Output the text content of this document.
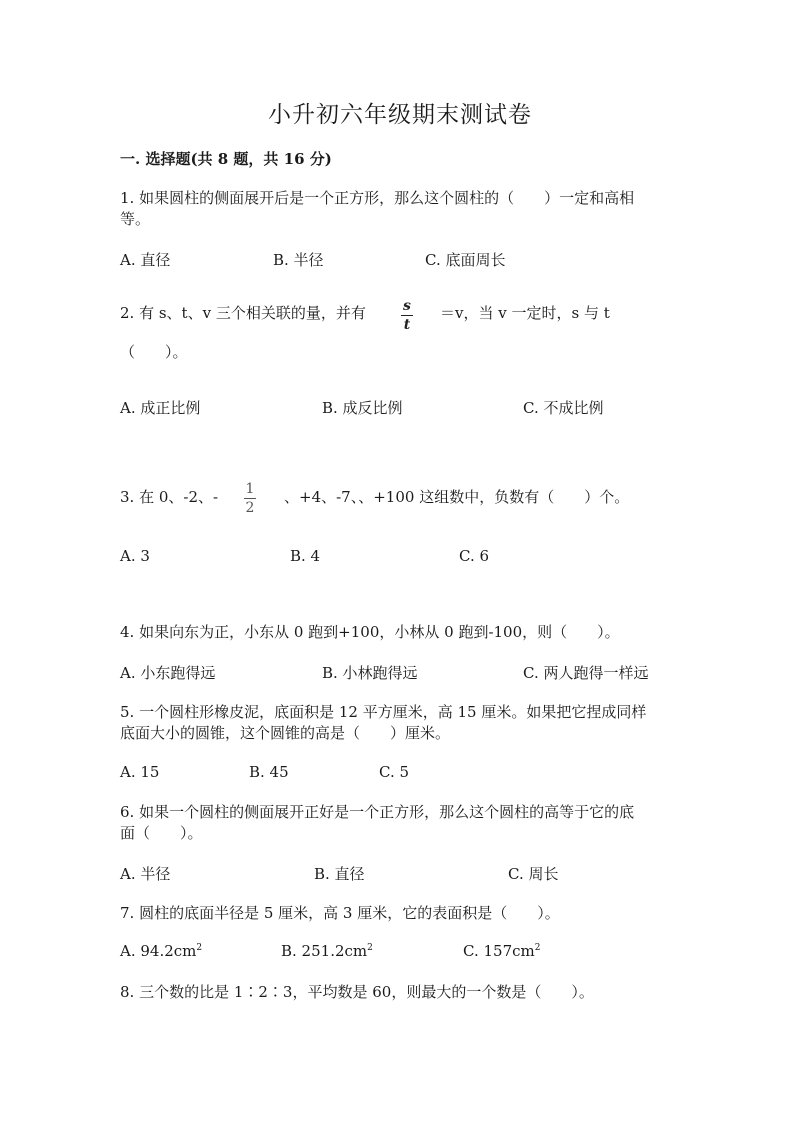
小升初六年级期末测试卷
一. 选择题(共 8 题，共 16 分)
1. 如果圆柱的侧面展开后是一个正方形，那么这个圆柱的（　　）一定和高相
等。
A. 直径	B. 半径	C. 底面周长
2. 有 s、t、v 三个相关联的量，并有	s
t
＝v，当 v 一定时，s 与 t
（　　）。
A. 成正比例	B. 成反比例	C. 不成比例
3. 在 0、-2、- 1
2
、+4、-7、、+100 这组数中，负数有（　　）个。
A. 3	B. 4	C. 6
4. 如果向东为正，小东从 0 跑到+100，小林从 0 跑到-100，则（　　）。
A. 小东跑得远	B. 小林跑得远	C. 两人跑得一样远
5. 一个圆柱形橡皮泥，底面积是 12 平方厘米，高 15 厘米。如果把它捏成同样
底面大小的圆锥，这个圆锥的高是（　　）厘米。
A. 15	B. 45	C. 5
6. 如果一个圆柱的侧面展开正好是一个正方形，那么这个圆柱的高等于它的底
面（　　）。
A. 半径	B. 直径	C. 周长
7. 圆柱的底面半径是 5 厘米，高 3 厘米，它的表面积是（　　）。
A. $94.2cm^2$	B. $251.2cm^2$	C. $157cm^2$
8. 三个数的比是 1∶2∶3，平均数是 60，则最大的一个数是（　　）。
